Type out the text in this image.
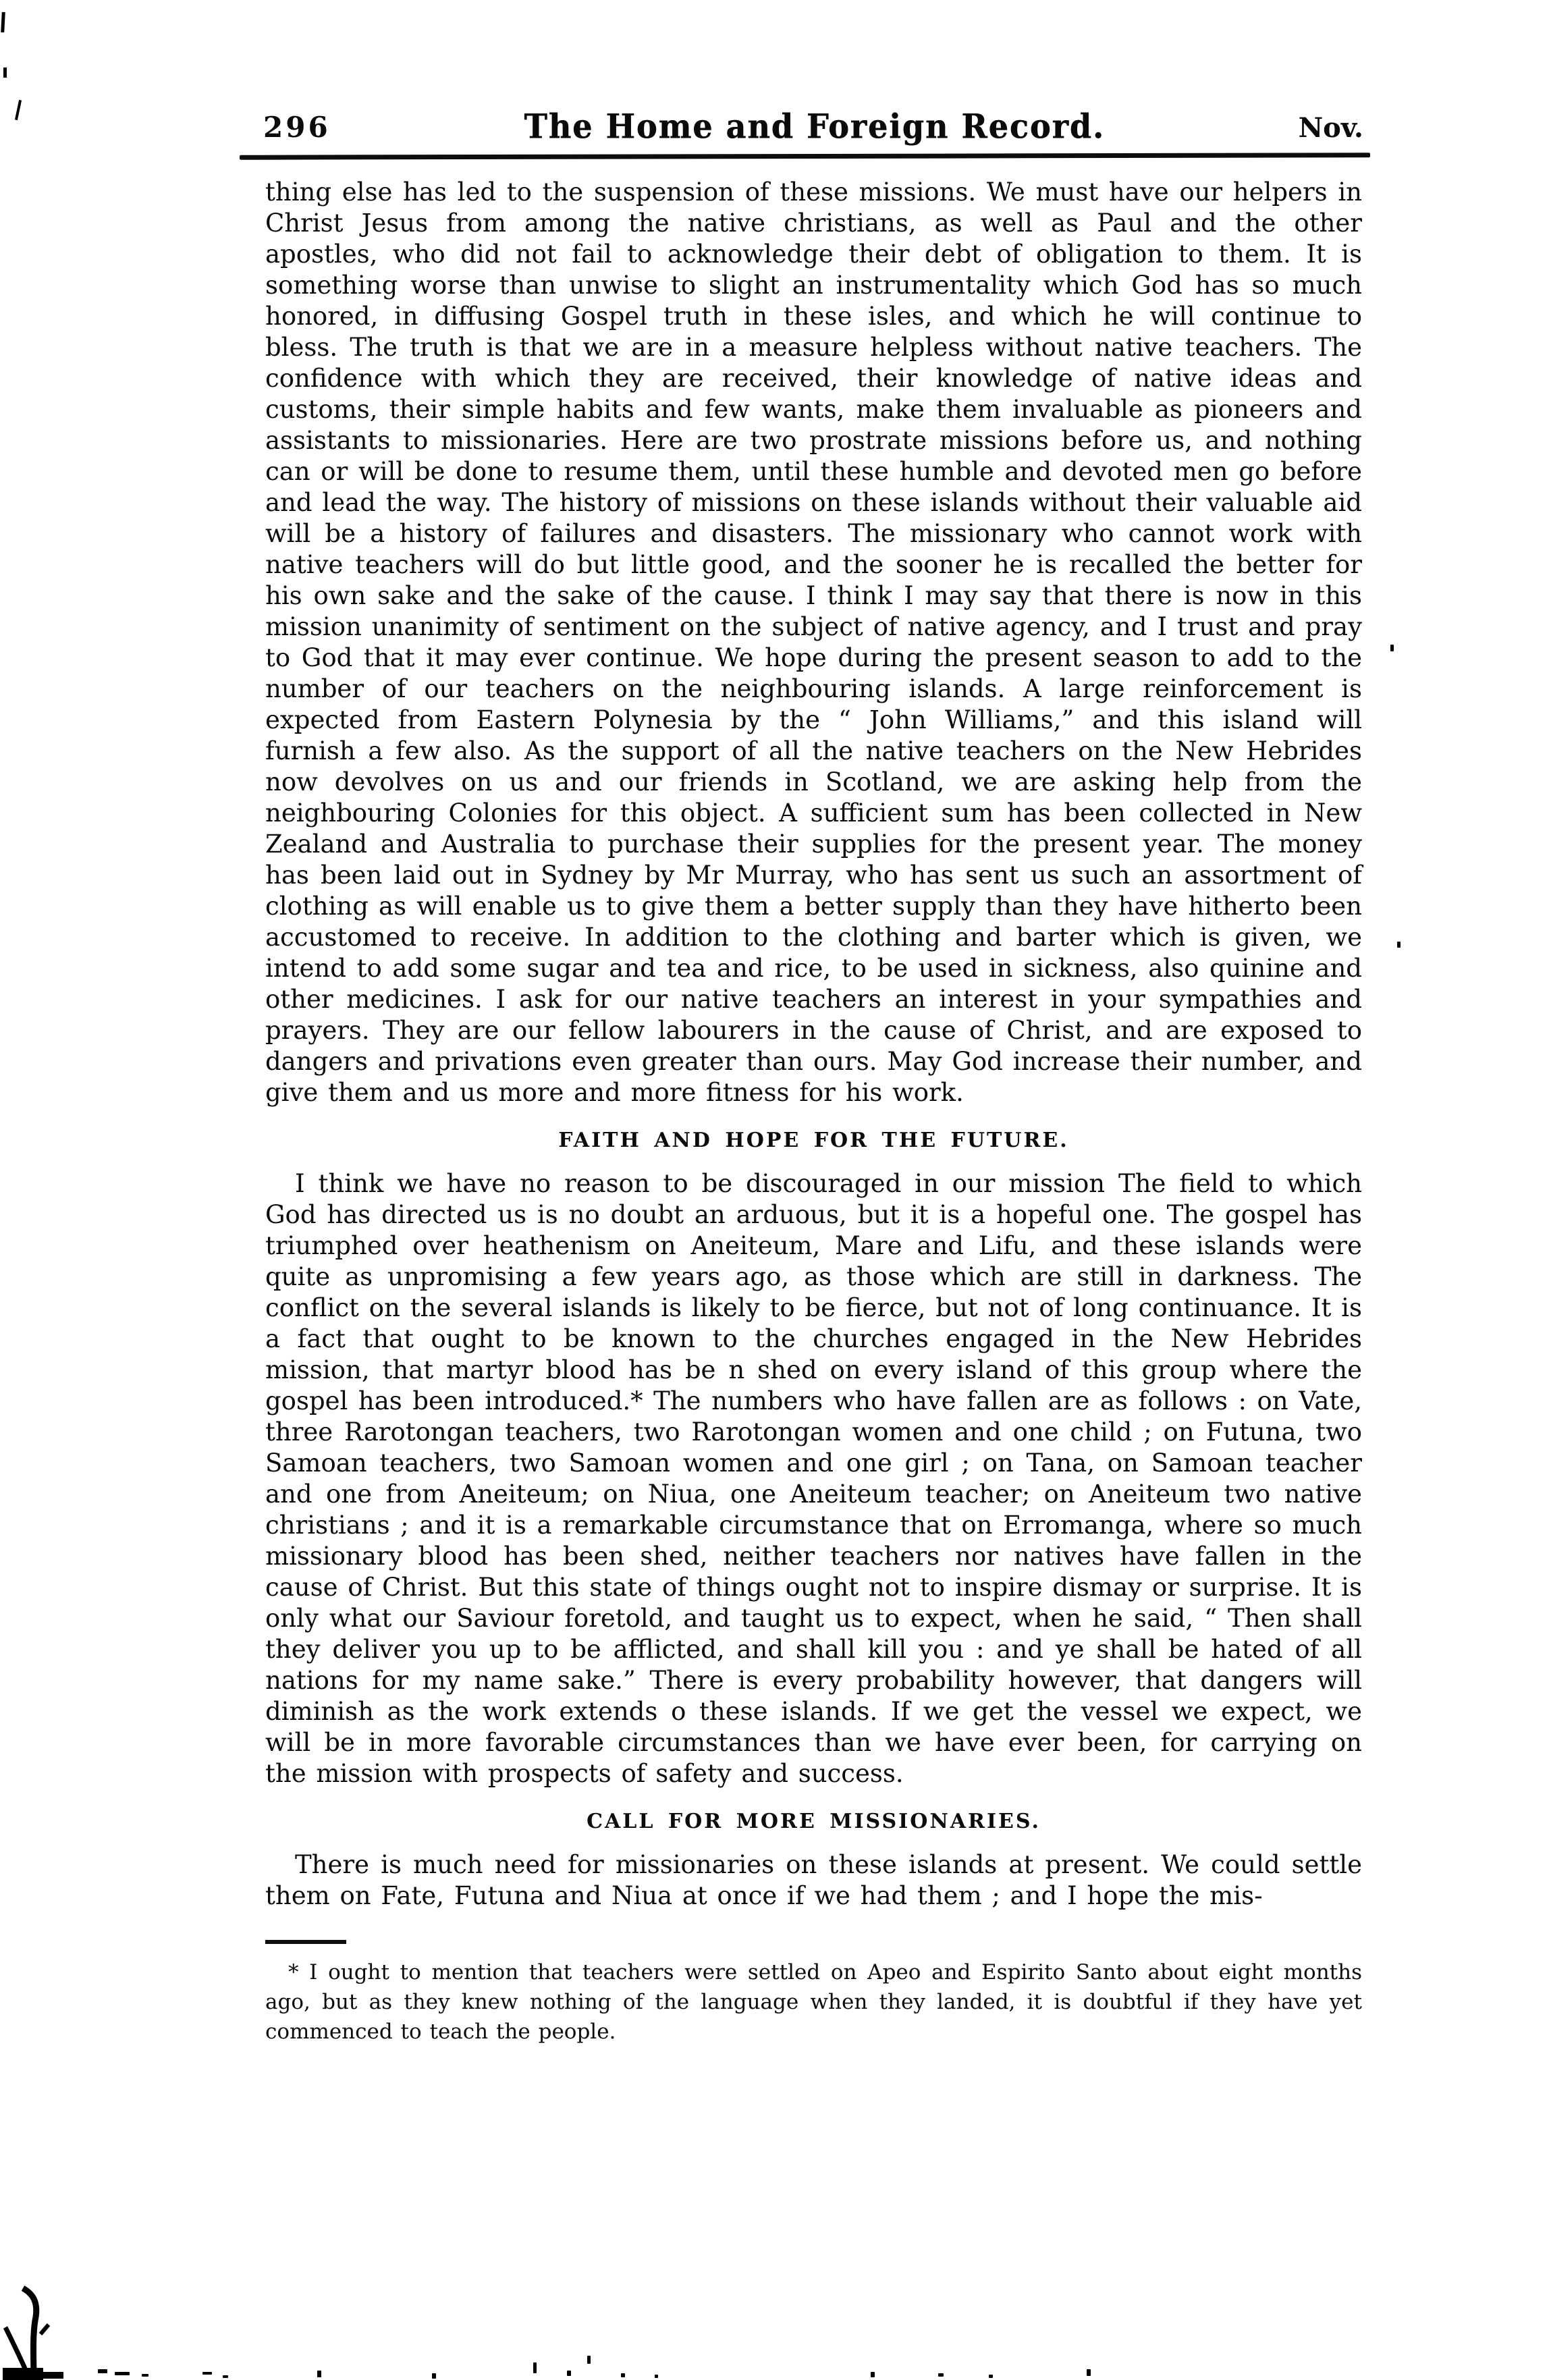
296	The Home and Foreign Record.	Nov.

thing else has led to the suspension of these missions. We must have our helpers in Christ Jesus from among the native christians, as well as Paul and the other apostles, who did not fail to acknowledge their debt of obligation to them. It is something worse than unwise to slight an instrumentality which God has so much honored, in diffusing Gospel truth in these isles, and which he will continue to bless. The truth is that we are in a measure helpless without native teachers. The confidence with which they are received, their knowledge of native ideas and customs, their simple habits and few wants, make them invaluable as pioneers and assistants to missionaries. Here are two prostrate missions before us, and nothing can or will be done to resume them, until these humble and devoted men go before and lead the way. The history of missions on these islands without their valuable aid will be a history of failures and disasters. The missionary who cannot work with native teachers will do but little good, and the sooner he is recalled the better for his own sake and the sake of the cause. I think I may say that there is now in this mission unanimity of sentiment on the subject of native agency, and I trust and pray to God that it may ever continue. We hope during the present season to add to the number of our teachers on the neighbouring islands. A large reinforcement is expected from Eastern Polynesia by the “ John Williams,” and this island will furnish a few also. As the support of all the native teachers on the New Hebrides now devolves on us and our friends in Scotland, we are asking help from the neighbouring Colonies for this object. A sufficient sum has been collected in New Zealand and Australia to purchase their supplies for the present year. The money has been laid out in Sydney by Mr Murray, who has sent us such an assortment of clothing as will enable us to give them a better supply than they have hitherto been accustomed to receive. In addition to the clothing and barter which is given, we intend to add some sugar and tea and rice, to be used in sickness, also quinine and other medicines. I ask for our native teachers an interest in your sympathies and prayers. They are our fellow labourers in the cause of Christ, and are exposed to dangers and privations even greater than ours. May God increase their number, and give them and us more and more fitness for his work.

FAITH AND HOPE FOR THE FUTURE.

I think we have no reason to be discouraged in our mission The field to which God has directed us is no doubt an arduous, but it is a hopeful one. The gospel has triumphed over heathenism on Aneiteum, Mare and Lifu, and these islands were quite as unpromising a few years ago, as those which are still in darkness. The conflict on the several islands is likely to be fierce, but not of long continuance. It is a fact that ought to be known to the churches engaged in the New Hebrides mission, that martyr blood has be n shed on every island of this group where the gospel has been introduced.* The numbers who have fallen are as follows : on Vate, three Rarotongan teachers, two Rarotongan women and one child ; on Futuna, two Samoan teachers, two Samoan women and one girl ; on Tana, on Samoan teacher and one from Aneiteum; on Niua, one Aneiteum teacher; on Aneiteum two native christians ; and it is a remarkable circumstance that on Erromanga, where so much missionary blood has been shed, neither teachers nor natives have fallen in the cause of Christ. But this state of things ought not to inspire dismay or surprise. It is only what our Saviour foretold, and taught us to expect, when he said, “ Then shall they deliver you up to be afflicted, and shall kill you : and ye shall be hated of all nations for my name sake.” There is every probability however, that dangers will diminish as the work extends o these islands. If we get the vessel we expect, we will be in more favorable circumstances than we have ever been, for carrying on the mission with prospects of safety and success.

CALL FOR MORE MISSIONARIES.

There is much need for missionaries on these islands at present. We could settle them on Fate, Futuna and Niua at once if we had them ; and I hope the mis-

* I ought to mention that teachers were settled on Apeo and Espirito Santo about eight months ago, but as they knew nothing of the language when they landed, it is doubtful if they have yet commenced to teach the people.
